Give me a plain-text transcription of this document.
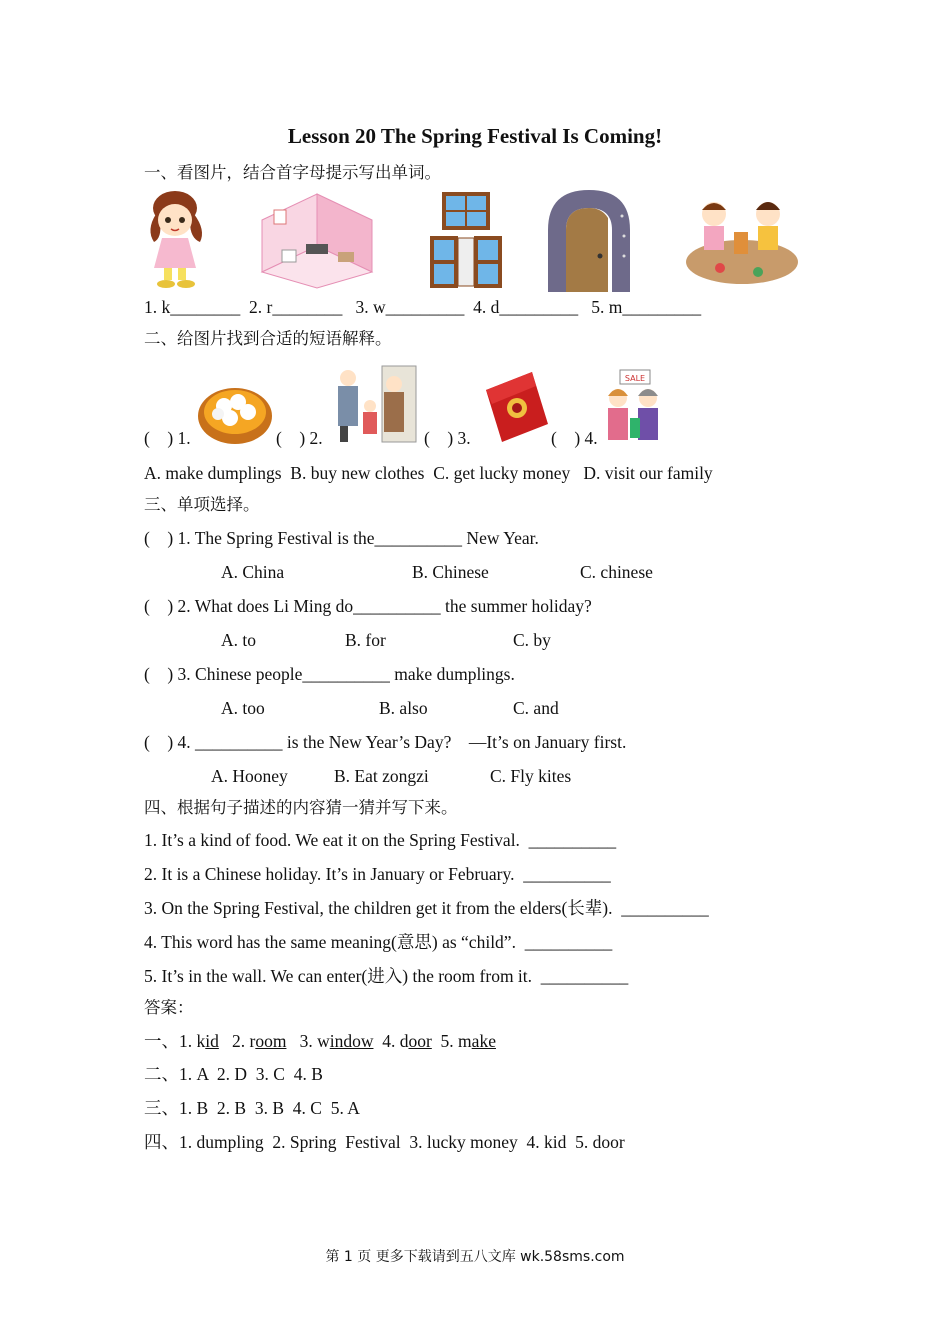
Lesson 20 The Spring Festival Is Coming!
一、看图片，结合首字母提示写出单词。
1. k________  2. r________   3. w_________  4. d_________   5. m_________
二、给图片找到合适的短语解释。
SALE
(    ) 1.	(    ) 2.	(    ) 3.	(    ) 4.
A. make dumplings  B. buy new clothes  C. get lucky money   D. visit our family
三、单项选择。
(    ) 1. The Spring Festival is the__________ New Year.
A. China	B. Chinese	C. chinese
(    ) 2. What does Li Ming do__________ the summer holiday?
A. to	B. for	C. by
(    ) 3. Chinese people__________ make dumplings.
A. too	B. also	C. and
(    ) 4. __________ is the New Year’s Day?    —It’s on January first.
A. Hooney	B. Eat zongzi	C. Fly kites
四、根据句子描述的内容猜一猜并写下来。
1. It’s a kind of food. We eat it on the Spring Festival.  __________
2. It is a Chinese holiday. It’s in January or February.  __________
3. On the Spring Festival, the children get it from the elders(长辈).  __________
4. This word has the same meaning(意思) as “child”.  __________
5. It’s in the wall. We can enter(进入) the room from it.  __________
答案：
一、1. kid   2. room   3. window  4. door  5. make
二、1. A  2. D  3. C  4. B
三、1. B  2. B  3. B  4. C  5. A
四、1. dumpling  2. Spring  Festival  3. lucky money  4. kid  5. door
第 1 页 更多下载请到五八文库 wk.58sms.com
